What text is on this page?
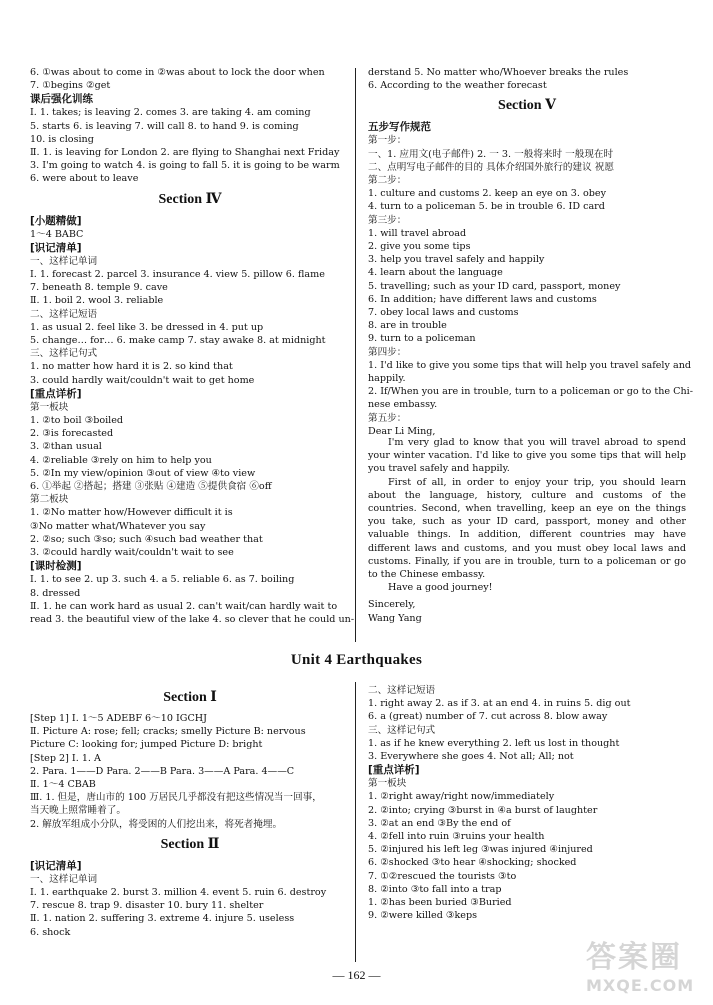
6. ①was about to come in ②was about to lock the door when
7. ①begins ②get
课后强化训练
Ⅰ. 1. takes; is leaving 2. comes 3. are taking 4. am coming
5. starts 6. is leaving 7. will call 8. to hand 9. is coming
10. is closing
Ⅱ. 1. is leaving for London 2. are flying to Shanghai next Friday
3. I'm going to watch 4. is going to fall 5. it is going to be warm
6. were about to leave
Section Ⅳ
[小题精做]
1～4 BABC
[识记清单]
一、这样记单词
Ⅰ. 1. forecast 2. parcel 3. insurance 4. view 5. pillow 6. flame
7. beneath 8. temple 9. cave
Ⅱ. 1. boil 2. wool 3. reliable
二、这样记短语
1. as usual 2. feel like 3. be dressed in 4. put up
5. change… for… 6. make camp 7. stay awake 8. at midnight
三、这样记句式
1. no matter how hard it is 2. so kind that
3. could hardly wait/couldn't wait to get home
[重点详析]
第一板块
1. ②to boil ③boiled
2. ③is forecasted
3. ②than usual
4. ②reliable ③rely on him to help you
5. ②In my view/opinion ③out of view ④to view
6. ①举起 ②搭起；搭建 ③张贴 ④建造 ⑤提供食宿 ⑥off
第二板块
1. ②No matter how/However difficult it is
③No matter what/Whatever you say
2. ②so; such ③so; such ④such bad weather that
3. ②could hardly wait/couldn't wait to see
[课时检测]
Ⅰ. 1. to see 2. up 3. such 4. a 5. reliable 6. as 7. boiling
8. dressed
Ⅱ. 1. he can work hard as usual 2. can't wait/can hardly wait to
read 3. the beautiful view of the lake 4. so clever that he could un-
derstand 5. No matter who/Whoever breaks the rules
6. According to the weather forecast
Section Ⅴ
五步写作规范
第一步：
一、1. 应用文(电子邮件) 2. 一 3. 一般将来时 一般现在时
二、点明写电子邮件的目的 具体介绍国外旅行的建议 祝愿
第二步：
1. culture and customs 2. keep an eye on 3. obey
4. turn to a policeman 5. be in trouble 6. ID card
第三步：
1. will travel abroad
2. give you some tips
3. help you travel safely and happily
4. learn about the language
5. travelling; such as your ID card, passport, money
6. In addition; have different laws and customs
7. obey local laws and customs
8. are in trouble
9. turn to a policeman
第四步：
1. I'd like to give you some tips that will help you travel safely and
happily.
2. If/When you are in trouble, turn to a policeman or go to the Chi-
nese embassy.
第五步：
Dear Li Ming,

I'm very glad to know that you will travel abroad to spend your winter vacation. I'd like to give you some tips that will help you travel safely and happily.

First of all, in order to enjoy your trip, you should learn about the language, history, culture and customs of the countries. Second, when travelling, keep an eye on the things you take, such as your ID card, passport, money and other valuable things. In addition, different countries may have different laws and customs, and you must obey local laws and customs. Finally, if you are in trouble, turn to a policeman or go to the Chinese embassy.

Have a good journey!

Sincerely,

Wang Yang

Unit 4 Earthquakes
Section Ⅰ
[Step 1] Ⅰ. 1～5 ADEBF 6～10 IGCHJ
Ⅱ. Picture A: rose; fell; cracks; smelly Picture B: nervous
Picture C: looking for; jumped Picture D: bright
[Step 2] Ⅰ. 1. A
2. Para. 1——D Para. 2——B Para. 3——A Para. 4——C
Ⅱ. 1～4 CBAB
Ⅲ. 1. 但是，唐山市的 100 万居民几乎都没有把这些情况当一回事，
当天晚上照常睡着了。
2. 解放军组成小分队，将受困的人们挖出来，将死者掩埋。
Section Ⅱ
[识记清单]
一、这样记单词
Ⅰ. 1. earthquake 2. burst 3. million 4. event 5. ruin 6. destroy
7. rescue 8. trap 9. disaster 10. bury 11. shelter
Ⅱ. 1. nation 2. suffering 3. extreme 4. injure 5. useless
6. shock
二、这样记短语
1. right away 2. as if 3. at an end 4. in ruins 5. dig out
6. a (great) number of 7. cut across 8. blow away
三、这样记句式
1. as if he knew everything 2. left us lost in thought
3. Everywhere she goes 4. Not all; All; not
[重点详析]
第一板块
1. ②right away/right now/immediately
2. ②into; crying ③burst in ④a burst of laughter
3. ②at an end ③By the end of
4. ②fell into ruin ③ruins your health
5. ②injured his left leg ③was injured ④injured
6. ②shocked ③to hear ④shocking; shocked
7. ①②rescued the tourists ③to
8. ②into ③to fall into a trap
1. ②has been buried ③Buried
9. ②were killed ③keps
答案圈
MXQE.COM
— 162 —
